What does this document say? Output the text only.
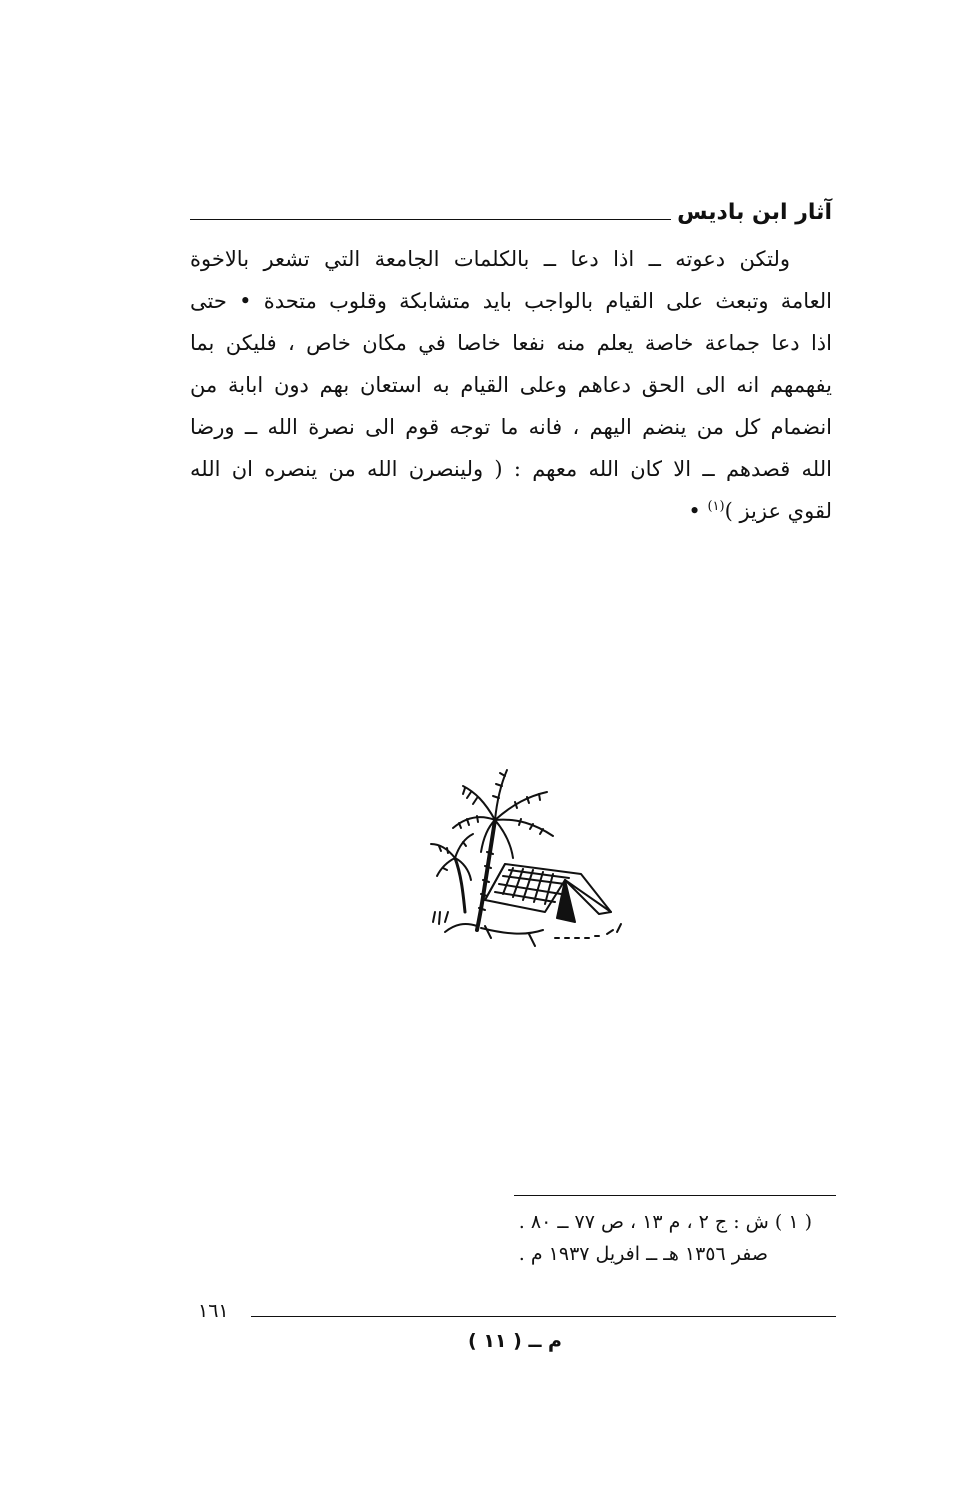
آثار ابن باديس
ولتكن دعوته ــ اذا دعا ــ بالكلمات الجامعة التي تشعر بالاخوة
العامة وتبعث على القيام بالواجب بايد متشابكة وقلوب متحدة • حتى
اذا دعا جماعة خاصة يعلم منه نفعا خاصا في مكان خاص ، فليكن بما
يفهمهم انه الى الحق دعاهم وعلى القيام به استعان بهم دون ابابة من
انضمام كل من ينضم اليهم ، فانه ما توجه قوم الى نصرة الله ــ ورضا
الله قصدهم ــ الا كان الله معهم : ( ولينصرن الله من ينصره ان الله
لقوي عزيز )$^{(١)}$ •
( ١ ) ش : ج ٢ ، م ١٣ ، ص ٧٧ ــ ٨٠ .
صفر ١٣٥٦ هـ ــ افريل ١٩٣٧ م .
١٦١
م ــ ( ١١ )
